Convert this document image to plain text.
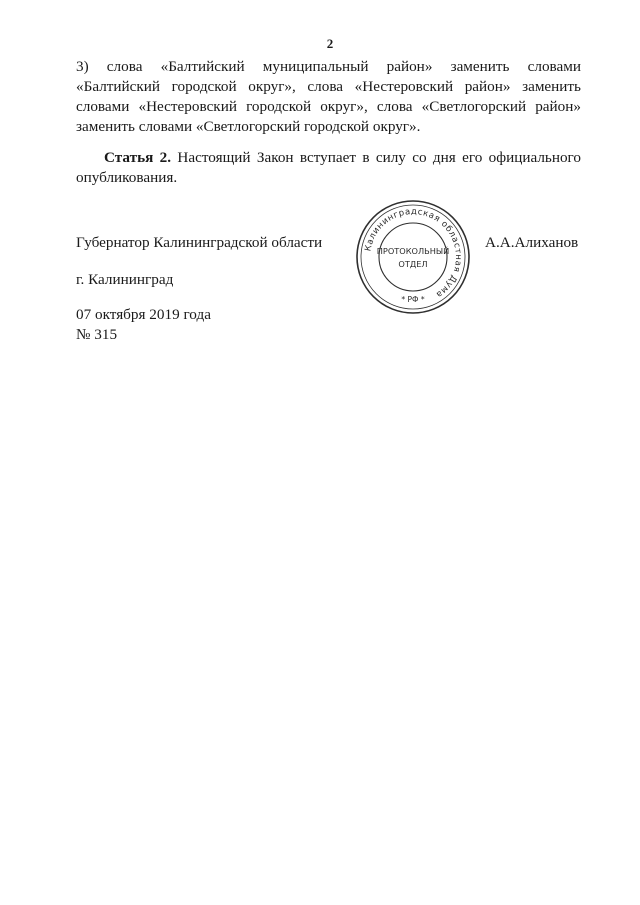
2

3) слова «Балтийский муниципальный район» заменить словами «Балтийский городской округ», слова «Нестеровский район» заменить словами «Нестеровский городской округ», слова «Светлогорский район» заменить словами «Светлогорский городской округ».

Статья 2. Настоящий Закон вступает в силу со дня его официального опубликования.

Губернатор Калининградской области	А.А.Алиханов
Калининградская областная Дума
ПРОТОКОЛЬНЫЙ
ОТДЕЛ
* РФ *
г. Калининград
07 октября 2019 года
№ 315
